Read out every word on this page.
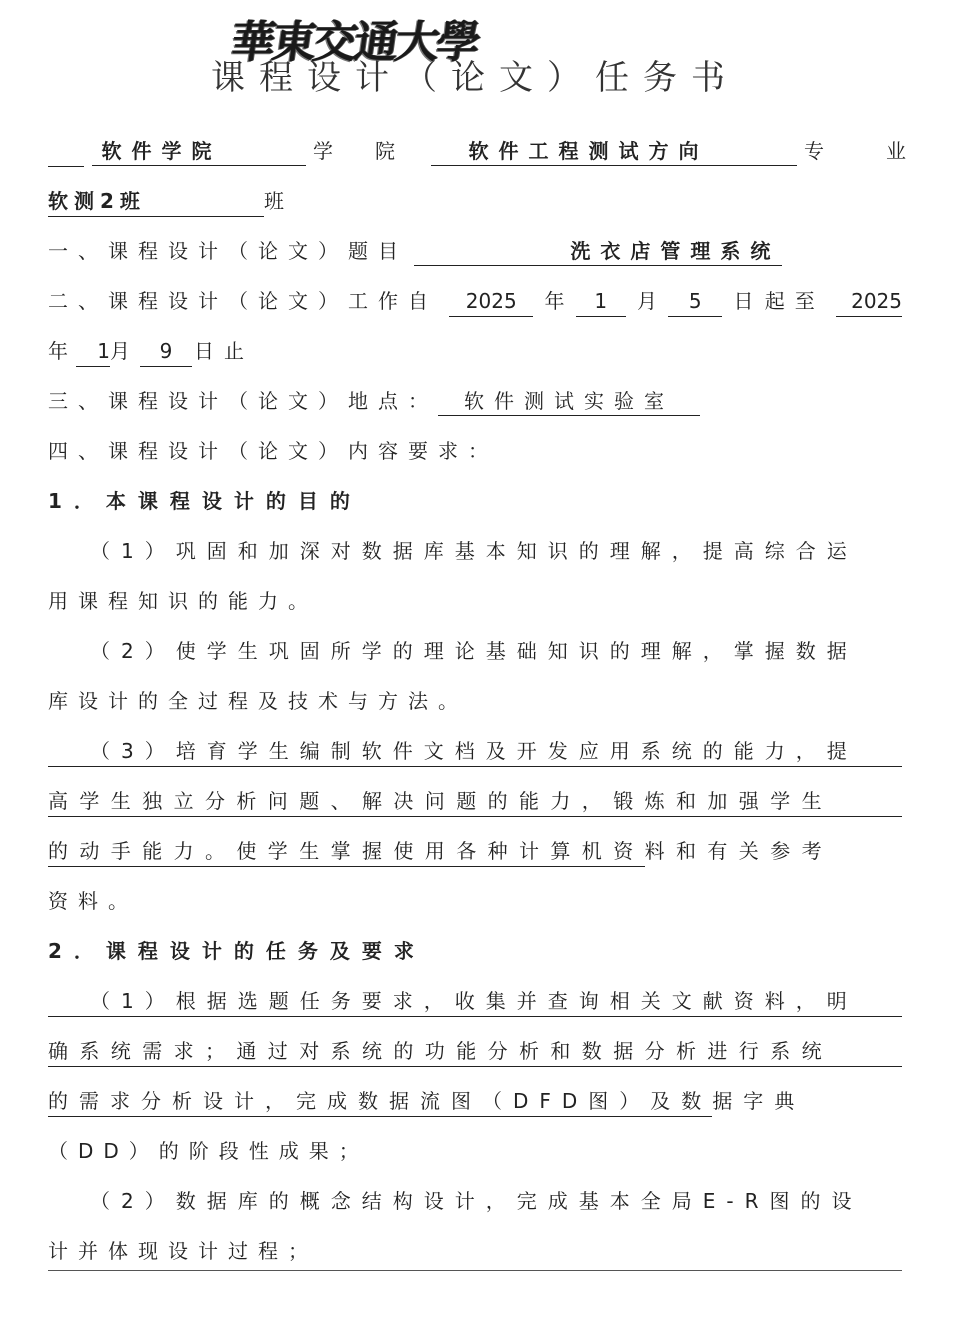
華東交通大學
课程设计（论文）任务书
软件学院	学院	软件工程测试方向	专业
软测2班	班
一、课程设计（论文）题目	洗衣店管理系统
二、课程设计（论文）工作自	2025	年	1	月	5	日 起至	2025
年 1月 9 日止
三、课程设计（论文）地点： 软件测试实验室
四、课程设计（论文）内容要求：
1．本课程设计的目的
（1）巩固和加深对数据库基本知识的理解，提高综合运
用课程知识的能力。
（2）使学生巩固所学的理论基础知识的理解，掌握数据
库设计的全过程及技术与方法。
（3）培育学生编制软件文档及开发应用系统的能力，提
高学生独立分析问题、解决问题的能力，锻炼和加强学生
的动手能力。使学生掌握使用各种计算机资料和有关参考
资料。
2．课程设计的任务及要求
（1）根据选题任务要求，收集并查询相关文献资料，明
确系统需求；通过对系统的功能分析和数据分析进行系统
的需求分析设计，完成数据流图（DFD图）及数据字典
（DD）的阶段性成果；
（2）数据库的概念结构设计，完成基本全局E-R图的设
计并体现设计过程；
